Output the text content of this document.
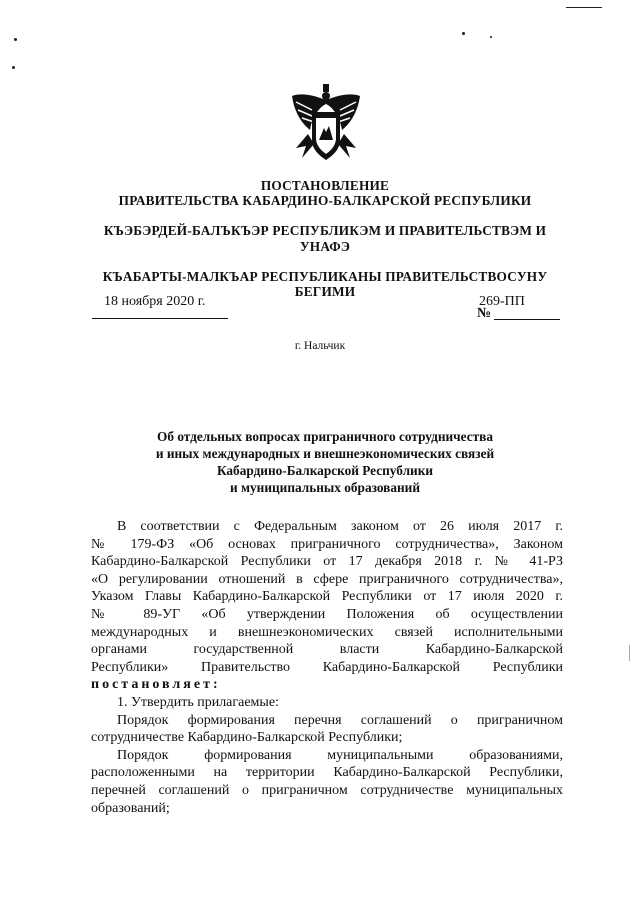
ПОСТАНОВЛЕНИЕ
ПРАВИТЕЛЬСТВА КАБАРДИНО-БАЛКАРСКОЙ РЕСПУБЛИКИ
КЪЭБЭРДЕЙ-БАЛЪКЪЭР РЕСПУБЛИКЭМ И ПРАВИТЕЛЬСТВЭМ И
УНАФЭ
КЪАБАРТЫ-МАЛКЪАР РЕСПУБЛИКАНЫ ПРАВИТЕЛЬСТВОСУНУ
БЕГИМИ
18 ноября 2020 г.	269-ПП
№
г. Нальчик
Об отдельных вопросах приграничного сотрудничества
и иных международных и внешнеэкономических связей
Кабардино-Балкарской Республики
и муниципальных образований
В соответствии с Федеральным законом от 26 июля 2017 г.
№ 179-ФЗ «Об основах приграничного сотрудничества», Законом
Кабардино-Балкарской Республики от 17 декабря 2018 г. № 41-РЗ
«О регулировании отношений в сфере приграничного сотрудничества»,
Указом Главы Кабардино-Балкарской Республики от 17 июля 2020 г.
№ 89-УГ «Об утверждении Положения об осуществлении
международных и внешнеэкономических связей исполнительными
органами государственной власти Кабардино-Балкарской
Республики» Правительство Кабардино-Балкарской Республики
постановляет:
1. Утвердить прилагаемые:
Порядок формирования перечня соглашений о приграничном
сотрудничестве Кабардино-Балкарской Республики;
Порядок формирования муниципальными образованиями,
расположенными на территории Кабардино-Балкарской Республики,
перечней соглашений о приграничном сотрудничестве муниципальных
образований;
